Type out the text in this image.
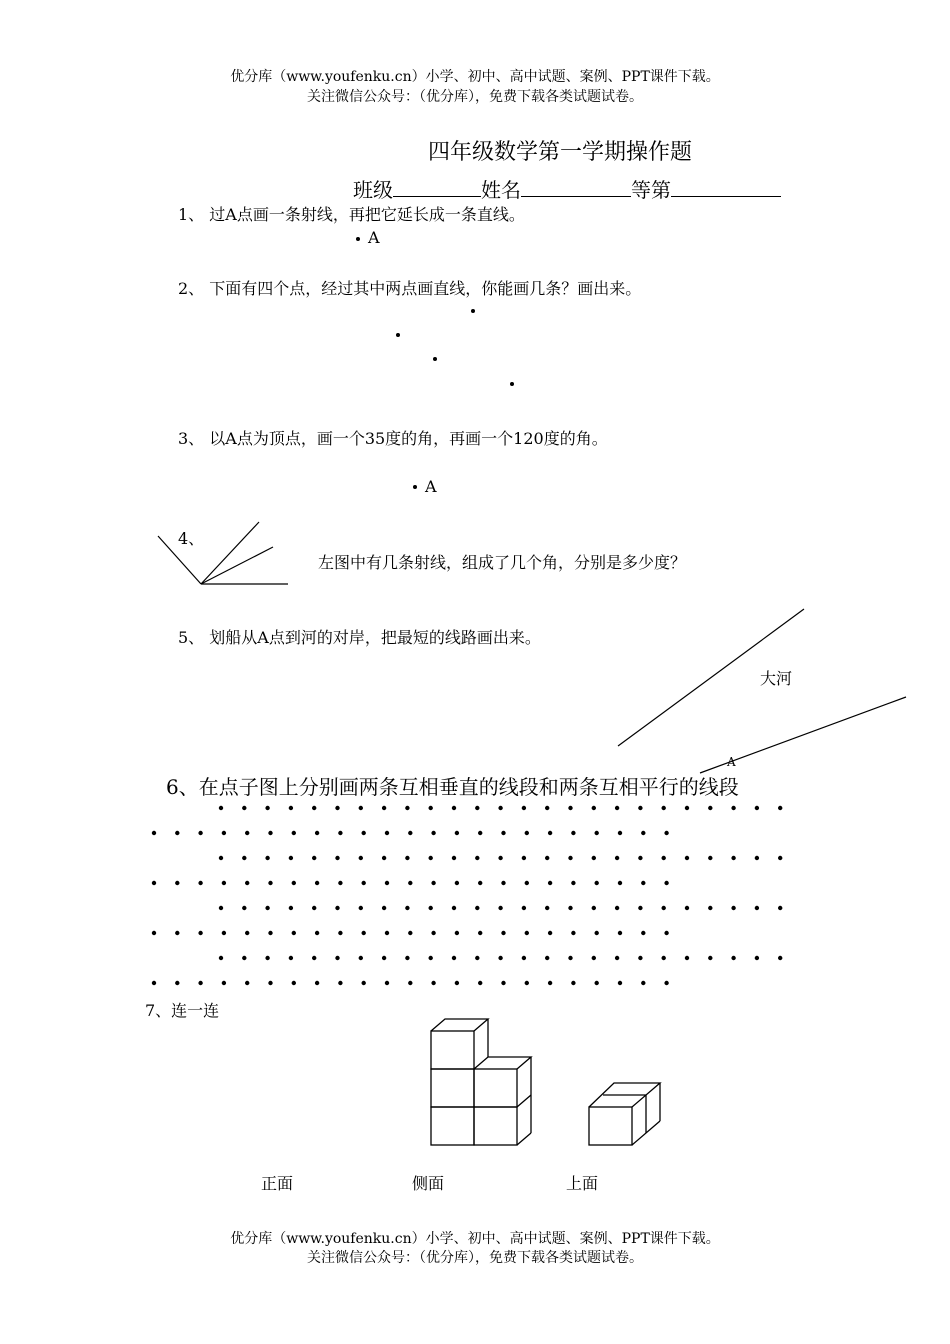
优分库（www.youfenku.cn）小学、初中、高中试题、案例、PPT课件下载。
关注微信公众号：（优分库），免费下载各类试题试卷。
四年级数学第一学期操作题
班级	姓名	等第
1、 过A点画一条射线，再把它延长成一条直线。
A
2、 下面有四个点，经过其中两点画直线，你能画几条？画出来。
3、 以A点为顶点，画一个35度的角，再画一个120度的角。
A
4、
左图中有几条射线，组成了几个角，分别是多少度？
5、 划船从A点到河的对岸，把最短的线路画出来。
大河
A
6、在点子图上分别画两条互相垂直的线段和两条互相平行的线段
7、连一连
正面	侧面	上面
优分库（www.youfenku.cn）小学、初中、高中试题、案例、PPT课件下载。
关注微信公众号：（优分库），免费下载各类试题试卷。
